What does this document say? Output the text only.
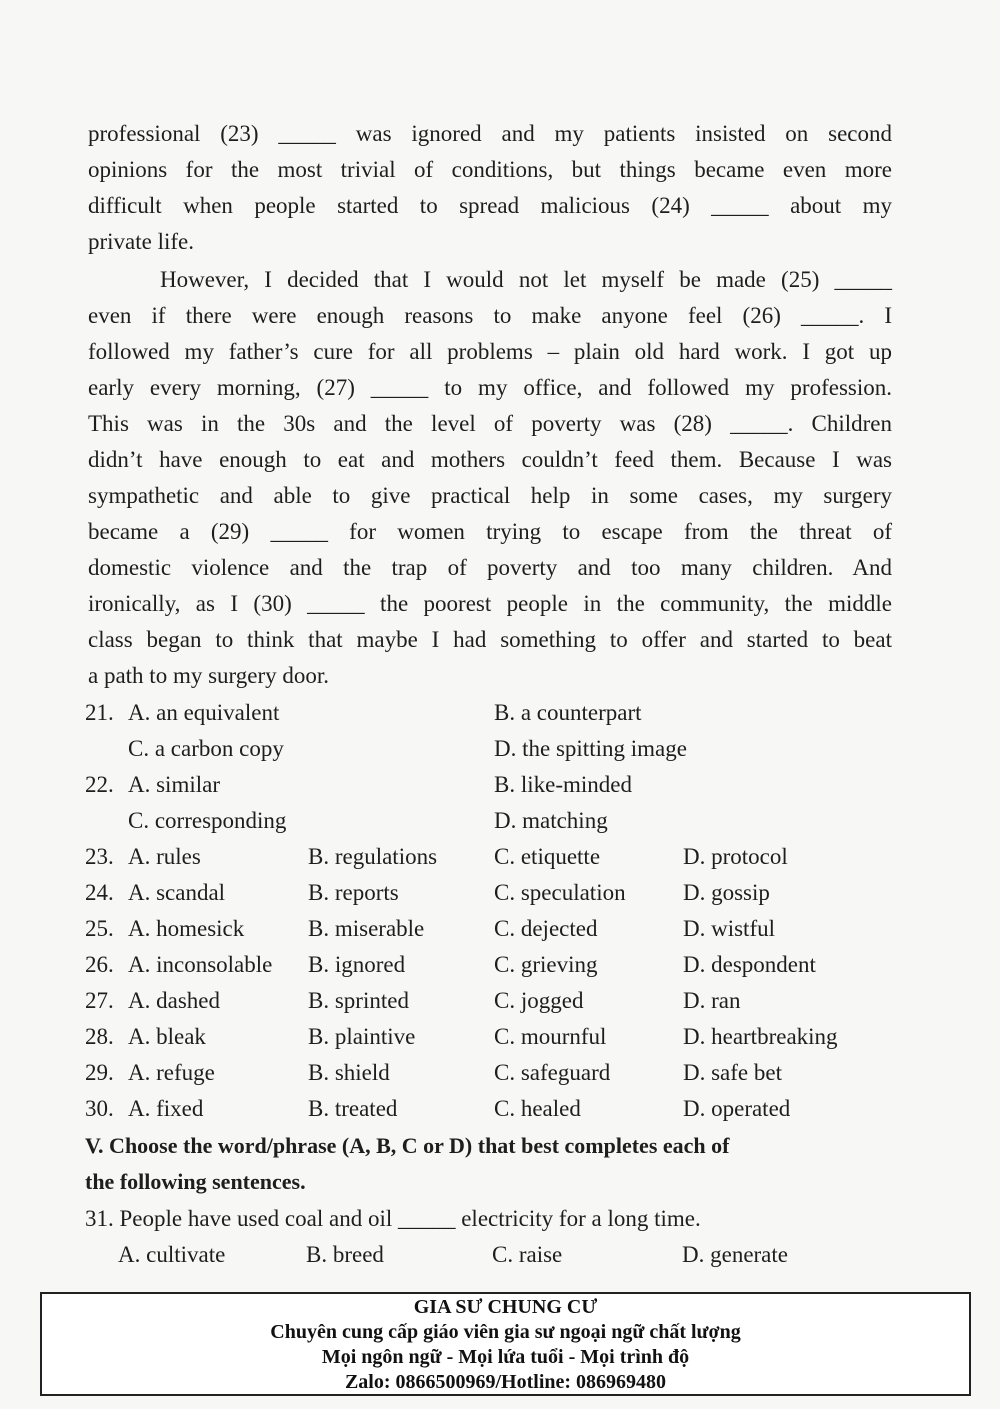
professional (23) _____ was ignored and my patients insisted on second
opinions for the most trivial of conditions, but things became even more
difficult when people started to spread malicious (24) _____ about my
private life.
However, I decided that I would not let myself be made (25) _____
even if there were enough reasons to make anyone feel (26) _____. I
followed my father’s cure for all problems – plain old hard work. I got up
early every morning, (27) _____ to my office, and followed my profession.
This was in the 30s and the level of poverty was (28) _____. Children
didn’t have enough to eat and mothers couldn’t feed them. Because I was
sympathetic and able to give practical help in some cases, my surgery
became a (29) _____ for women trying to escape from the threat of
domestic violence and the trap of poverty and too many children. And
ironically, as I (30) _____ the poorest people in the community, the middle
class began to think that maybe I had something to offer and started to beat
a path to my surgery door.
21. A. an equivalent	B. a counterpart
C. a carbon copy	D. the spitting image
22. A. similar	B. like-minded
C. corresponding	D. matching
23. A. rules	B. regulations C. etiquette	D. protocol
24. A. scandal	B. reports	C. speculation D. gossip
25. A. homesick	B. miserable	C. dejected	D. wistful
26. A. inconsolable B. ignored	C. grieving	D. despondent
27. A. dashed	B. sprinted	C. jogged	D. ran
28. A. bleak	B. plaintive	C. mournful	D. heartbreaking
29. A. refuge	B. shield	C. safeguard	D. safe bet
30. A. fixed	B. treated	C. healed	D. operated
V. Choose the word/phrase (A, B, C or D) that best completes each of
the following sentences.
31. People have used coal and oil _____ electricity for a long time.
A. cultivate	B. breed	C. raise	D. generate
GIA SƯ CHUNG CƯ
Chuyên cung cấp giáo viên gia sư ngoại ngữ chất lượng
Mọi ngôn ngữ - Mọi lứa tuổi - Mọi trình độ
Zalo: 0866500969/Hotline: 086969480
